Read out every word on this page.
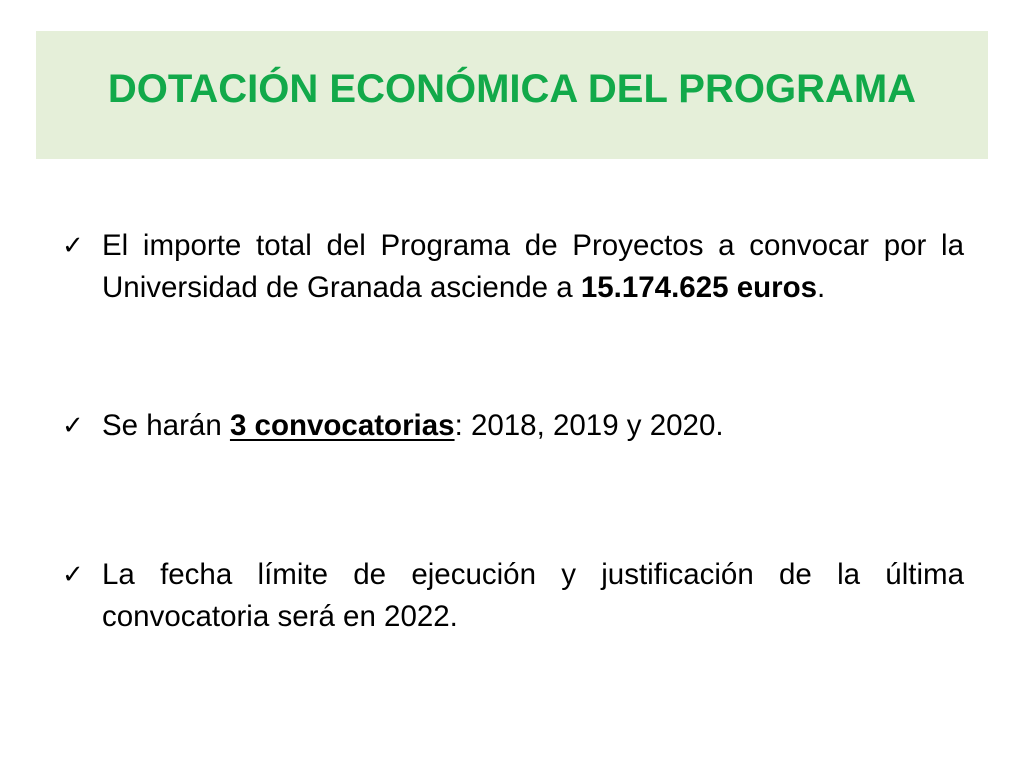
DOTACIÓN ECONÓMICA DEL PROGRAMA
✓ El importe total del Programa de Proyectos a convocar por la Universidad de Granada asciende a 15.174.625 euros.
✓ Se harán 3 convocatorias: 2018, 2019 y 2020.
✓ La fecha límite de ejecución y justificación de la última convocatoria será en 2022.
